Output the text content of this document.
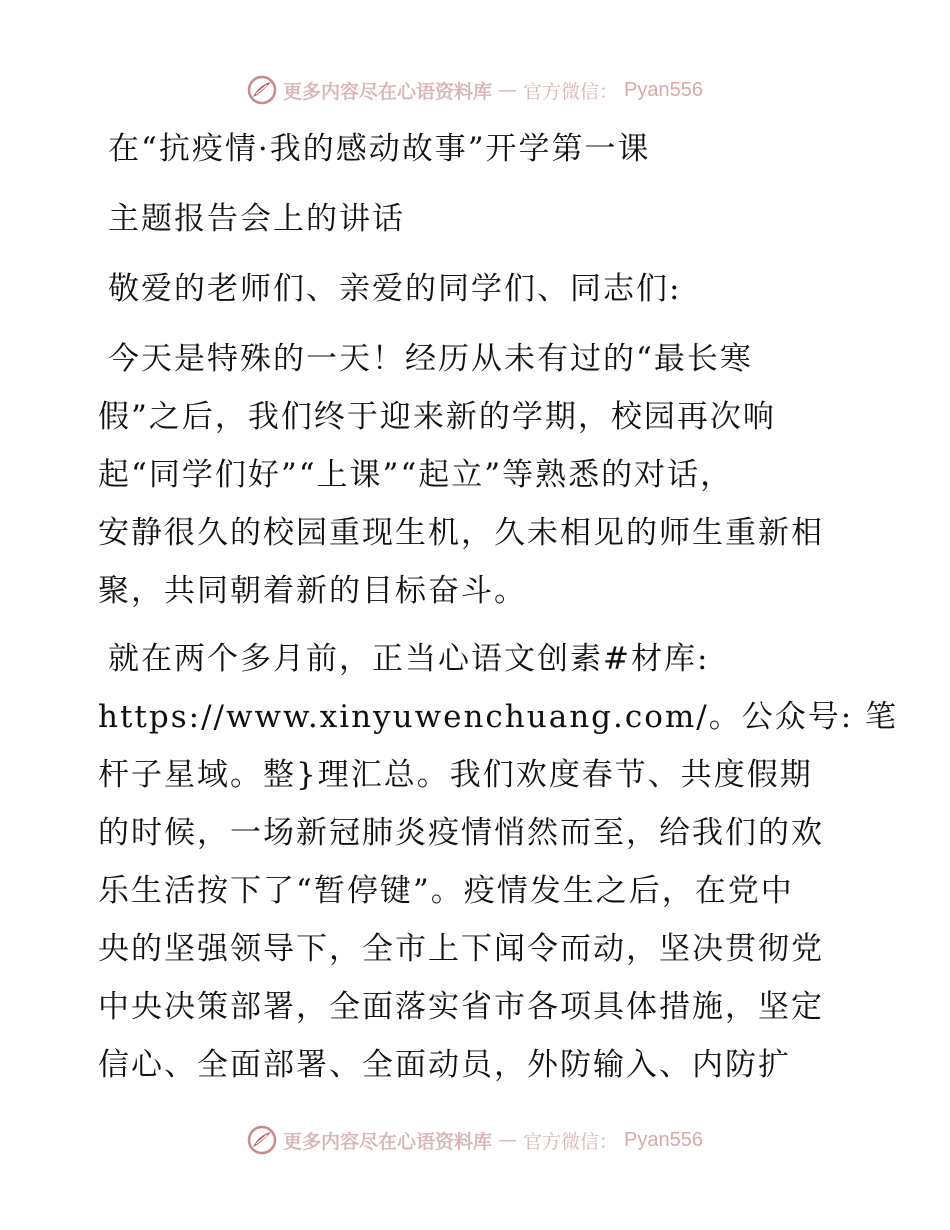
更多内容尽在心语资料库 — 官方微信： Pyan556
在“抗疫情·我的感动故事”开学第一课
主题报告会上的讲话
敬爱的老师们、亲爱的同学们、同志们:
今天是特殊的一天！经历从未有过的“最长寒
假”之后，我们终于迎来新的学期，校园再次响
起“同学们好”“上课”“起立”等熟悉的对话，
安静很久的校园重现生机，久未相见的师生重新相
聚，共同朝着新的目标奋斗。
就在两个多月前，正当心语文创素#材库:
https://www.xinyuwenchuang.com/。公众号: 笔
杆子星域。整}理汇总。我们欢度春节、共度假期
的时候，一场新冠肺炎疫情悄然而至，给我们的欢
乐生活按下了“暂停键”。疫情发生之后，在党中
央的坚强领导下，全市上下闻令而动，坚决贯彻党
中央决策部署，全面落实省市各项具体措施，坚定
信心、全面部署、全面动员，外防输入、内防扩
更多内容尽在心语资料库 — 官方微信： Pyan556
